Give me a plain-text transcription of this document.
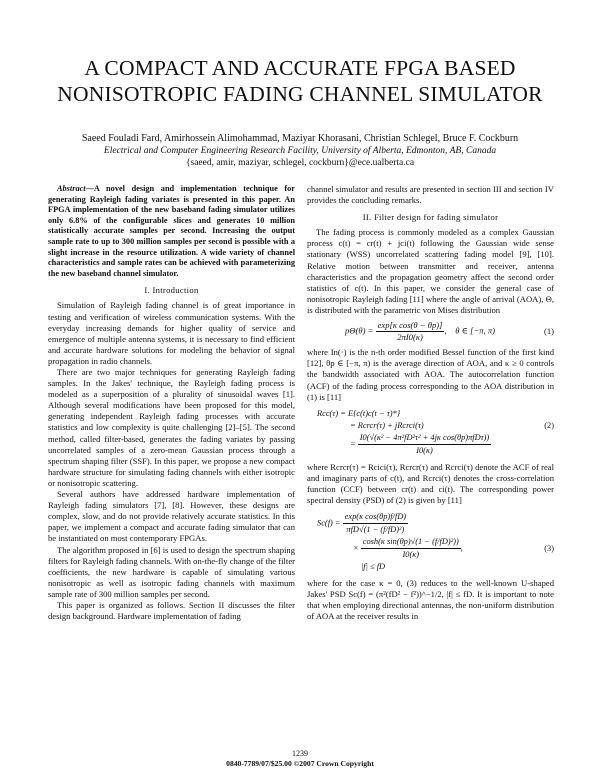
A COMPACT AND ACCURATE FPGA BASED NONISOTROPIC FADING CHANNEL SIMULATOR
Saeed Fouladi Fard, Amirhossein Alimohammad, Maziyar Khorasani, Christian Schlegel, Bruce F. Cockburn
Electrical and Computer Engineering Research Facility, University of Alberta, Edmonton, AB, Canada
{saeed, amir, maziyar, schlegel, cockburn}@ece.ualberta.ca

Abstract—A novel design and implementation technique for generating Rayleigh fading variates is presented in this paper. An FPGA implementation of the new baseband fading simulator utilizes only 6.8% of the configurable slices and generates 10 million statistically accurate samples per second. Increasing the output sample rate to up to 300 million samples per second is possible with a slight increase in the resource utilization. A wide variety of channel characteristics and sample rates can be achieved with parameterizing the new baseband channel simulator.

I. Introduction

Simulation of Rayleigh fading channel is of great importance in testing and verification of wireless communication systems. With the everyday increasing demands for higher quality of service and emergence of multiple antenna systems, it is necessary to find efficient and accurate hardware solutions for modeling the behavior of signal propagation in radio channels.

There are two major techniques for generating Rayleigh fading samples. In the Jakes' technique, the Rayleigh fading process is modeled as a superposition of a plurality of sinusoidal waves [1]. Although several modifications have been proposed for this model, generating independent Rayleigh fading processes with accurate statistics and low complexity is quite challenging [2]–[5]. The second method, called filter-based, generates the fading variates by passing uncorrelated samples of a zero-mean Gaussian process through a spectrum shaping filter (SSF). In this paper, we propose a new compact hardware structure for simulating fading channels with either isotropic or nonisotropic scattering.

Several authors have addressed hardware implementation of Rayleigh fading simulators [7], [8]. However, these designs are complex, slow, and do not provide relatively accurate statistics. In this paper, we implement a compact and accurate fading simulator that can be instantiated on most contemporary FPGAs.

The algorithm proposed in [6] is used to design the spectrum shaping filters for Rayleigh fading channels. With on-the-fly change of the filter coefficients, the new hardware is capable of simulating various nonisotropic as well as isotropic fading channels with maximum sample rate of 300 million samples per second.

This paper is organized as follows. Section II discusses the filter design background. Hardware implementation of fading

channel simulator and results are presented in section III and section IV provides the concluding remarks.

II. Filter design for fading simulator

The fading process is commonly modeled as a complex Gaussian process c(t) = cr(t) + jci(t) following the Gaussian wide sense stationary (WSS) uncorrelated scattering fading model [9], [10]. Relative motion between transmitter and receiver, antenna characteristics and the propagation geometry affect the second order statistics of c(t). In this paper, we consider the general case of nonisotropic Rayleigh fading [11] where the angle of arrival (AOA), Θ, is distributed with the parametric von Mises distribution

$p\Theta(\theta) = \frac{\text{exp[κ cos(θ − θp)]}}{2\pi I0(\kappa)}$ ,    θ ∈ [−π, π)	(1)

where In(·) is the n-th order modified Bessel function of the first kind [12], θp ∈ [−π, π) is the average direction of AOA, and κ ≥ 0 controls the bandwidth associated with AOA. The autocorrelation function (ACF) of the fading process corresponding to the AOA distribution in (1) is [11]

Rcc(τ) = E{c(t)c(t − τ)*}
= Rcrcr(τ) + jRcrci(τ)	(2)
= $\frac{\text{I0(√(κ² − 4π²fD²τ² + 4jκ cos(θp)πfDτ))}}{I0(\kappa)}$

where Rcrcr(τ) = Rcici(τ), Rcrcr(τ) and Rcrci(τ) denote the ACF of real and imaginary parts of c(t), and Rcrci(τ) denotes the cross-correlation function (CCF) between cr(t) and ci(t). The corresponding power spectral density (PSD) of (2) is given by [11]

$Sc(f) = \frac{\text{exp(κ cos(θp)f/fD)}}{\text{πfD√(1 − (f/fD)²)}}$
× $\frac{\text{cosh(κ sin(θp)√(1 − (f/fD)²))}}{I0(\kappa)}$ ,	(3)
|f| ≤ fD

where for the case κ = 0, (3) reduces to the well-known U-shaped Jakes' PSD Sc(f) = (π²(fD² − f²))^−1/2, |f| ≤ fD. It is important to note that when employing directional antennas, the non-uniform distribution of AOA at the receiver results in

1239
0840-7789/07/$25.00 ©2007 Crown Copyright
